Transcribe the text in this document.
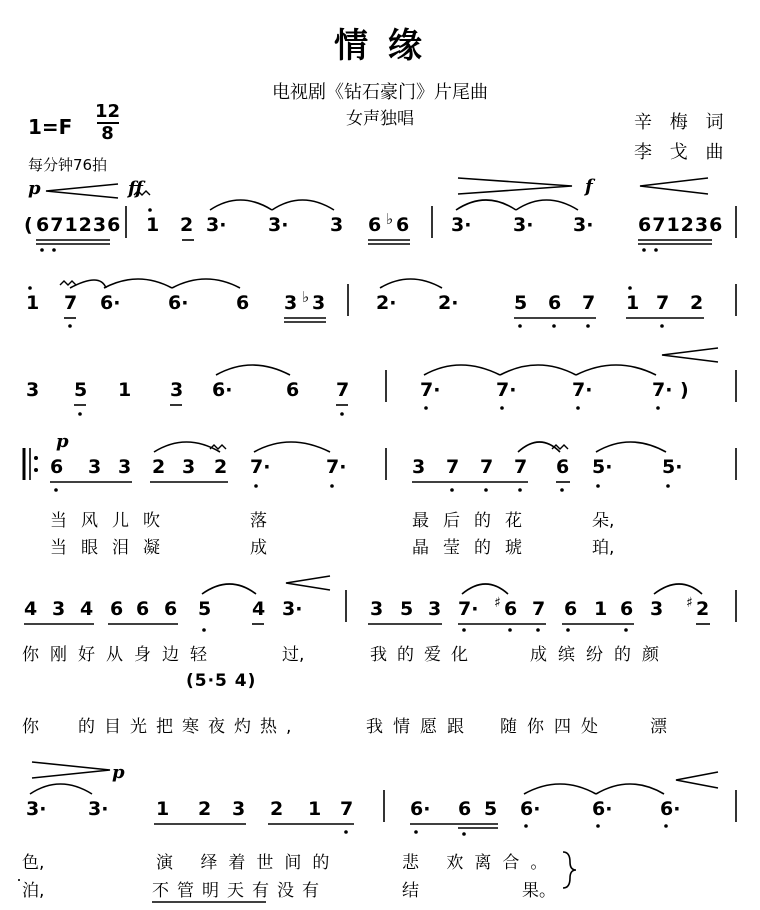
情 缘
电视剧《钻石豪门》片尾曲
女声独唱	辛 梅 词
李 戈 曲
1=F
12
8
每分钟76拍
p	ff	f
p
p
( 671236 1 2 3· 3· 3 6 ♭ 6 3· 3· 3· 671236
1 7 6·	6·	6 3 ♭ 3	2· 2·	5 6 7 1 7 2
3 5 1 3 6·	6 7	7·	7·	7·	7· )
6 3 3 2 3 2 7·	7·	3 7 7 7 6 5·	5·
当风儿吹	落	最后的花	朵,
当眼泪凝	成	晶莹的琥	珀,
4 3 4 6 6 6 5 4 3·	3 5 3 7· ♯ 6 7 6 1 6 3 ♯ 2
你刚好从身边轻	过,	我的爱化	成缤纷的颜
(5·5 4)
你 的目光把寒夜灼热,	我情愿跟 随你四处 漂
3· 3·	1 2 3 2 1 7	6· 6 5 6·	6·	6·
色,	演 绎着世间的	悲 欢离合。
泊,	不管明天有没有	结	果。
